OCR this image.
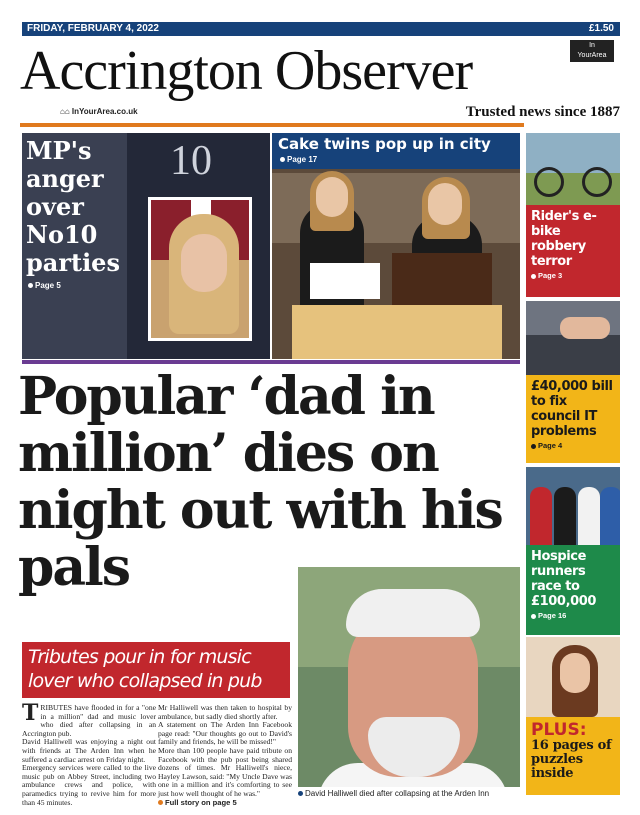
FRIDAY, FEBRUARY 4, 2022	£1.50
Accrington Observer	In
YourArea
⌂⌂ InYourArea.co.uk	Trusted news since 1887
10
MP's anger over No10 parties
Page 5
Cake twins pop up in city
Page 17
Popular ‘dad in million’ dies on night out with his pals
David Halliwell died after collapsing at the Arden Inn
Tributes pour in for music lover who collapsed in pub

TRIBUTES have flooded in for a "one in a million" dad and music lover who died after collapsing in an Accrington pub.

David Halliwell was enjoying a night out with friends at The Arden Inn when he suffered a cardiac arrest on Friday night.

Emergency services were called to the live music pub on Abbey Street, including two ambulance crews and police, with paramedics trying to revive him for more than 45 minutes.

Mr Halliwell was then taken to hospital by ambulance, but sadly died shortly after.

A statement on The Arden Inn Facebook page read: "Our thoughts go out to David's family and friends, he will be missed!"

More than 100 people have paid tribute on Facebook with the pub post being shared dozens of times. Mr Halliwell's niece, Hayley Lawson, said: "My Uncle Dave was one in a million and it's comforting to see just how well thought of he was."

Full story on page 5

Rider's e-bike robbery terror
Page 3
£40,000 bill to fix council IT problems
Page 4
Hospice runners race to £100,000
Page 16
PLUS:
16 pages of puzzles inside
